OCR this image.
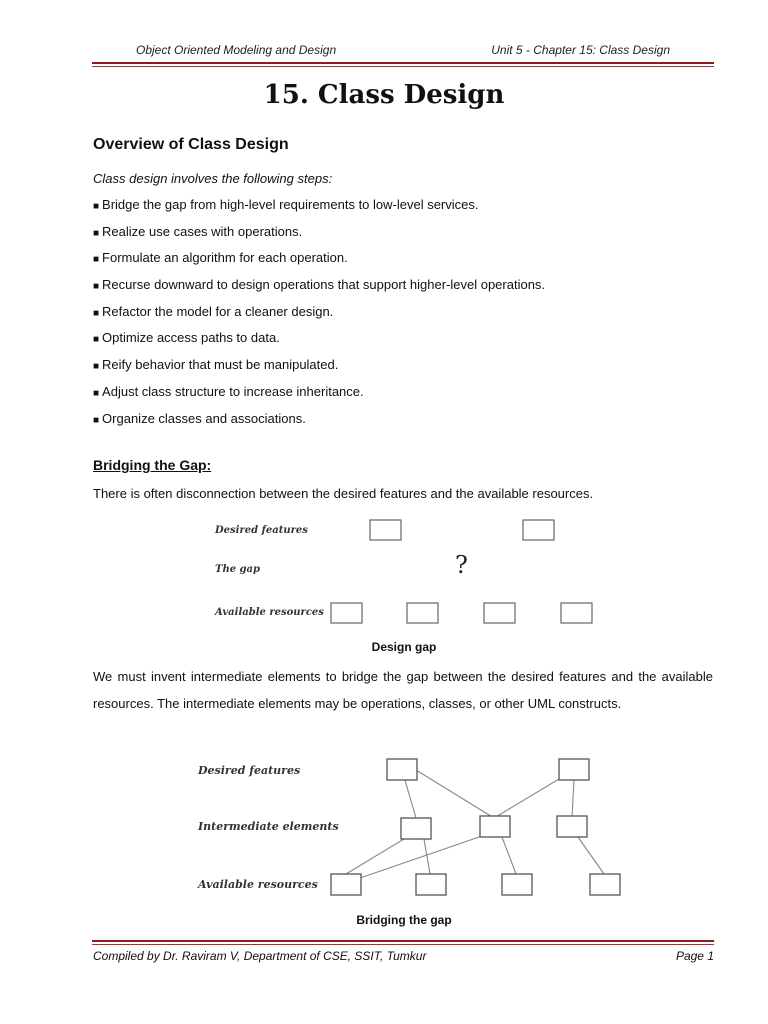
Object Oriented Modeling and Design	Unit 5 - Chapter 15: Class Design
15. Class Design
Overview of Class Design
Class design involves the following steps:
■ Bridge the gap from high-level requirements to low-level services.
■ Realize use cases with operations.
■ Formulate an algorithm for each operation.
■ Recurse downward to design operations that support higher-level operations.
■ Refactor the model for a cleaner design.
■ Optimize access paths to data.
■ Reify behavior that must be manipulated.
■ Adjust class structure to increase inheritance.
■ Organize classes and associations.
Bridging the Gap:
There is often disconnection between the desired features and the available resources.
Desired features
The gap
Available resources
?
Design gap

We must invent intermediate elements to bridge the gap between the desired features and the available resources. The intermediate elements may be operations, classes, or other UML constructs.

Desired features
Intermediate elements
Available resources
Bridging the gap
Compiled by Dr. Raviram V, Department of CSE, SSIT, Tumkur	Page 1
